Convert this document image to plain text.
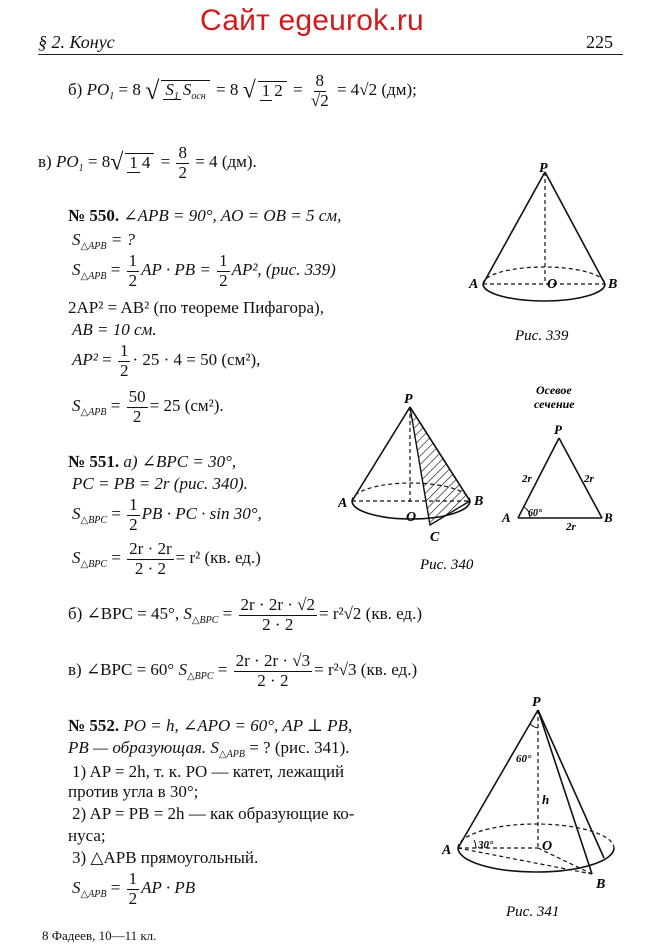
Сайт egeurok.ru
§ 2. Конус	225
б) $PO_1 = 8$ √ $S_1$ $S_{осн} = 8$ √ 1 $2 = \frac{8}{√2} = 4√2$ (дм);
в) $PO_1 = 8√$ 1 $4 = \frac{8}{2} = 4$ (дм).
№ 550. ∠APB = 90°, AO = OB = 5 см,
$S_{\triangle APB}$ = ?
$S_{\triangle APB} = \frac{1}{2}$ AP · PB = $\frac{1}{2} AP^2$, (рис. 339)
2AP² = AB² (по теореме Пифагора),
AB = 10 см.
$AP^2 = \frac{1}{2} \cdot 25 \cdot 4 = 50$ (см²),
$S_{\triangle APB} = \frac{50}{2} = 25$ (см²).
№ 551. а) ∠BPC = 30°,
PC = PB = 2r (рис. 340).
$S_{\triangle BPC} = \frac{1}{2}$ PB · PC · sin 30°,
$S_{\triangle BPC} = \frac{2r \cdot 2r}{2 \cdot 2} = r^2$ (кв. ед.)
б) ∠BPC = 45°, $S_{\triangle BPC} = \frac{2r \cdot 2r \cdot √2}{2 \cdot 2} = r^2√2$ (кв. ед.)
в) ∠BPC = 60° $S_{\triangle BPC} = \frac{2r \cdot 2r \cdot √3}{2 \cdot 2} = r^2√3$ (кв. ед.)
№ 552. PO = h, ∠APO = 60°, AP ⊥ PB,
PB — образующая. $S_{\triangle APB}$ = ? (рис. 341).
1) AP = 2h, т. к. PO — катет, лежащий
против угла в 30°;
2) AP = PB = 2h — как образующие ко-
нуса;
3) △APB прямоугольный.
$S_{\triangle APB} = \frac{1}{2}$ AP · PB
8 Фадеев, 10—11 кл.
P
A	O	B
Рис. 339
P
A
O
B
C
Рис. 340
Осевое
сечение
P
A	B
2r	2r
2r
60°
P
A	O
B
h
60°
30°
Рис. 341
